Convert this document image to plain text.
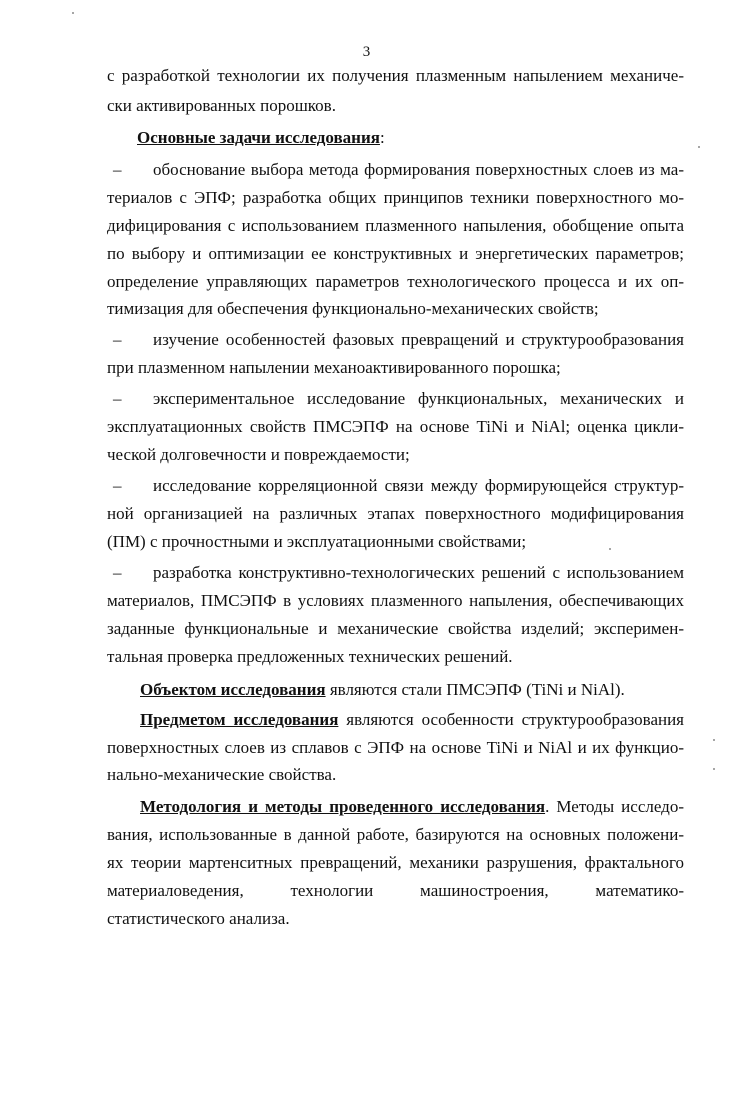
3
с разработкой технологии их получения плазменным напылением механиче-
ски активированных порошков.
Основные задачи исследования:
– обоснование выбора метода формирования поверхностных слоев из ма-
териалов с ЭПФ; разработка общих принципов техники поверхностного мо-
дифицирования с использованием плазменного напыления, обобщение опыта
по выбору и оптимизации ее конструктивных и энергетических параметров;
определение управляющих параметров технологического процесса и их оп-
тимизация для обеспечения функционально-механических свойств;
– изучение особенностей фазовых превращений и структурообразования
при плазменном напылении механоактивированного порошка;
– экспериментальное исследование функциональных, механических и
эксплуатационных свойств ПМСЭПФ на основе TiNi и NiAl; оценка цикли-
ческой долговечности и повреждаемости;
– исследование корреляционной связи между формирующейся структур-
ной организацией на различных этапах поверхностного модифицирования
(ПМ) с прочностными и эксплуатационными свойствами;
– разработка конструктивно-технологических решений с использованием
материалов, ПМСЭПФ в условиях плазменного напыления, обеспечивающих
заданные функциональные и механические свойства изделий; эксперимен-
тальная проверка предложенных технических решений.
Объектом исследования являются стали ПМСЭПФ (TiNi и NiAl).
Предметом исследования являются особенности структурообразования
поверхностных слоев из сплавов с ЭПФ на основе TiNi и NiAl и их функцио-
нально-механические свойства.
Методология и методы проведенного исследования. Методы исследо-
вания, использованные в данной работе, базируются на основных положени-
ях теории мартенситных превращений, механики разрушения, фрактального
материаловедения, технологии машиностроения, математико-
статистического анализа.
